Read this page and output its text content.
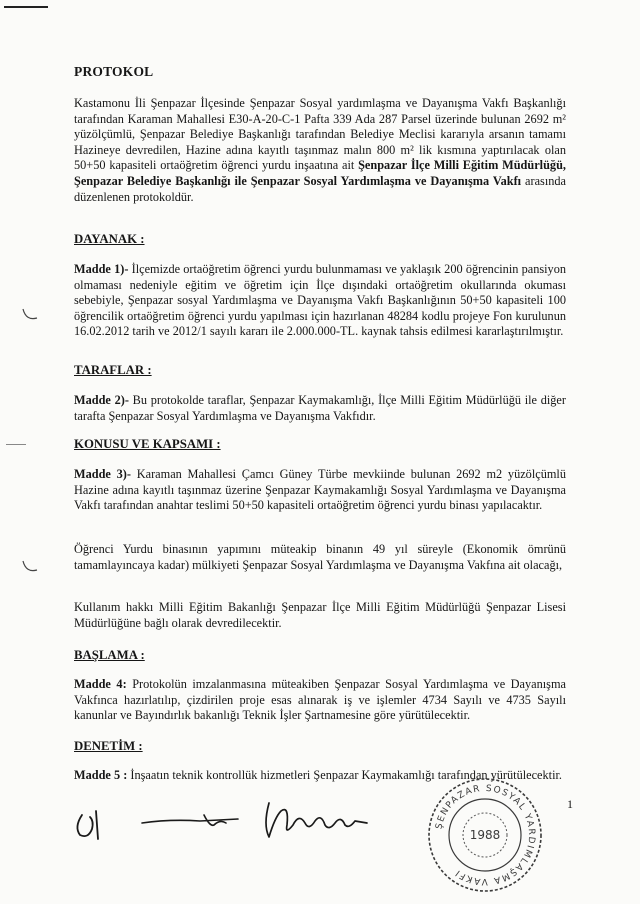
PROTOKOL
Kastamonu İli Şenpazar İlçesinde Şenpazar Sosyal yardımlaşma ve Dayanışma Vakfı Başkanlığı tarafından Karaman Mahallesi E30-A-20-C-1 Pafta 339 Ada 287 Parsel üzerinde bulunan 2692 m² yüzölçümlü, Şenpazar Belediye Başkanlığı tarafından Belediye Meclisi kararıyla arsanın tamamı Hazineye devredilen, Hazine adına kayıtlı taşınmaz malın 800 m² lik kısmına yaptırılacak olan 50+50 kapasiteli ortaöğretim öğrenci yurdu inşaatına ait Şenpazar İlçe Milli Eğitim Müdürlüğü, Şenpazar Belediye Başkanlığı ile Şenpazar Sosyal Yardımlaşma ve Dayanışma Vakfı arasında düzenlenen protokoldür.
DAYANAK :
Madde 1)- İlçemizde ortaöğretim öğrenci yurdu bulunmaması ve yaklaşık 200 öğrencinin pansiyon olmaması nedeniyle eğitim ve öğretim için İlçe dışındaki ortaöğretim okullarında okuması sebebiyle, Şenpazar sosyal Yardımlaşma ve Dayanışma Vakfı Başkanlığının 50+50 kapasiteli 100 öğrencilik ortaöğretim öğrenci yurdu yapılması için hazırlanan 48284 kodlu projeye Fon kurulunun 16.02.2012 tarih ve 2012/1 sayılı kararı ile 2.000.000-TL. kaynak tahsis edilmesi kararlaştırılmıştır.
TARAFLAR :
Madde 2)- Bu protokolde taraflar, Şenpazar Kaymakamlığı, İlçe Milli Eğitim Müdürlüğü ile diğer tarafta Şenpazar Sosyal Yardımlaşma ve Dayanışma Vakfıdır.
KONUSU VE KAPSAMI :
Madde 3)- Karaman Mahallesi Çamcı Güney Türbe mevkiinde bulunan 2692 m2 yüzölçümlü Hazine adına kayıtlı taşınmaz üzerine Şenpazar Kaymakamlığı Sosyal Yardımlaşma ve Dayanışma Vakfı tarafından anahtar teslimi 50+50 kapasiteli ortaöğretim öğrenci yurdu binası yapılacaktır.
Öğrenci Yurdu binasının yapımını müteakip binanın 49 yıl süreyle (Ekonomik ömrünü tamamlayıncaya kadar) mülkiyeti Şenpazar Sosyal Yardımlaşma ve Dayanışma Vakfına ait olacağı,
Kullanım hakkı Milli Eğitim Bakanlığı Şenpazar İlçe Milli Eğitim Müdürlüğü Şenpazar Lisesi Müdürlüğüne bağlı olarak devredilecektir.
BAŞLAMA :
Madde 4: Protokolün imzalanmasına müteakiben Şenpazar Sosyal Yardımlaşma ve Dayanışma Vakfınca hazırlatılıp, çizdirilen proje esas alınarak iş ve işlemler 4734 Sayılı ve 4735 Sayılı kanunlar ve Bayındırlık bakanlığı Teknik İşler Şartnamesine göre yürütülecektir.
DENETİM :
Madde 5 : İnşaatın teknik kontrollük hizmetleri Şenpazar Kaymakamlığı tarafından yürütülecektir.
1
ŞENPAZAR SOSYAL YARDIMLAŞMA VAKFI
1988
